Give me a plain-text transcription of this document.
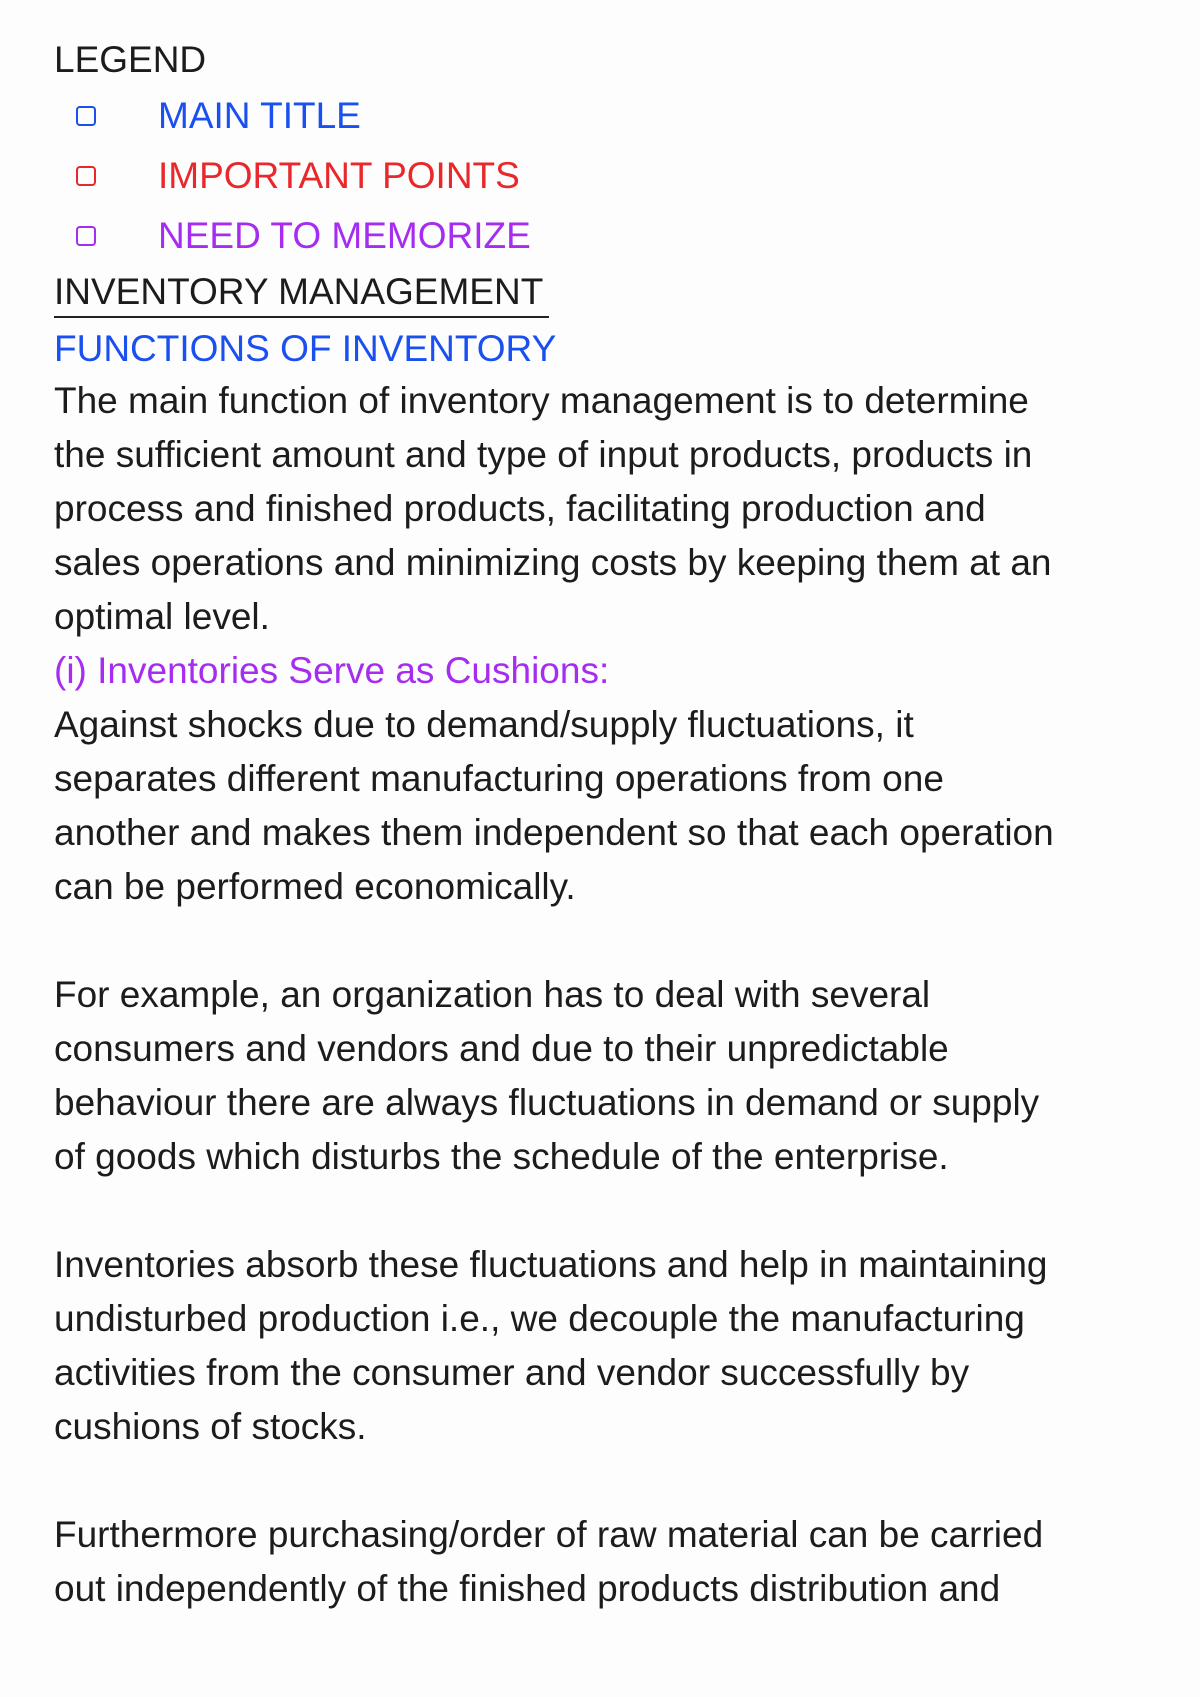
LEGEND
MAIN TITLE
IMPORTANT POINTS
NEED TO MEMORIZE
INVENTORY MANAGEMENT
FUNCTIONS OF INVENTORY

The main function of inventory management is to determine

the sufficient amount and type of input products, products in

process and finished products, facilitating production and

sales operations and minimizing costs by keeping them at an

optimal level.

(i) Inventories Serve as Cushions:

Against shocks due to demand/supply fluctuations, it

separates different manufacturing operations from one

another and makes them independent so that each operation

can be performed economically.

For example, an organization has to deal with several

consumers and vendors and due to their unpredictable

behaviour there are always fluctuations in demand or supply

of goods which disturbs the schedule of the enterprise.

Inventories absorb these fluctuations and help in maintaining

undisturbed production i.e., we decouple the manufacturing

activities from the consumer and vendor successfully by

cushions of stocks.

Furthermore purchasing/order of raw material can be carried

out independently of the finished products distribution and
